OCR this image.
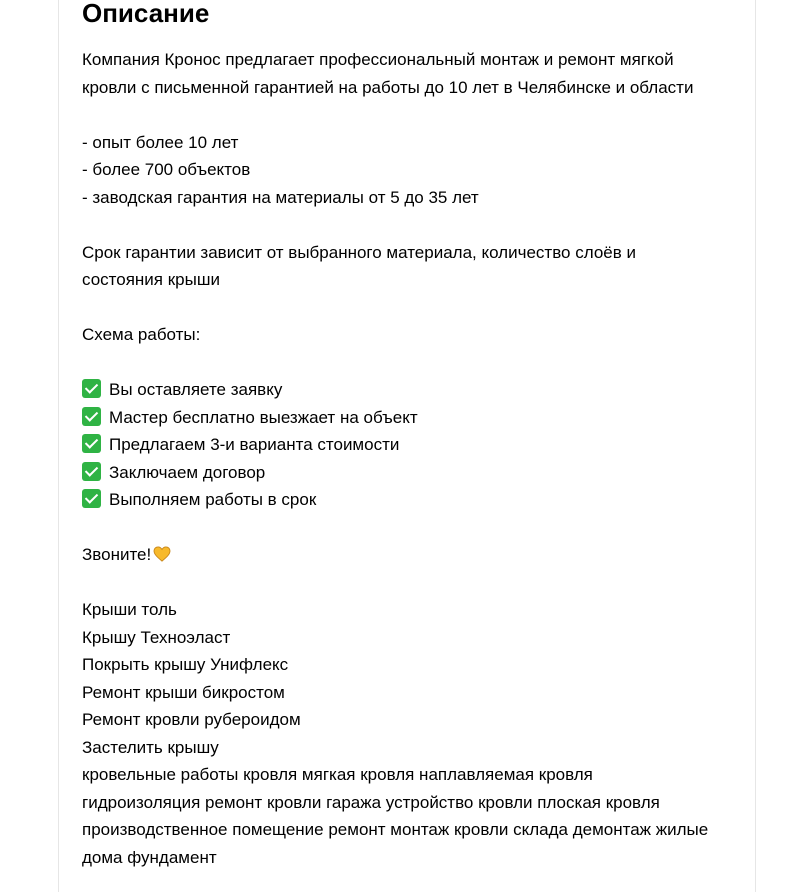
Описание
Компания Кронос предлагает профессиональный монтаж и ремонт мягкой
кровли с письменной гарантией на работы до 10 лет в Челябинске и области
- опыт более 10 лет
- более 700 объектов
- заводская гарантия на материалы от 5 до 35 лет
Срок гарантии зависит от выбранного материала, количество слоёв и
состояния крыши
Схема работы:
Вы оставляете заявку
Мастер бесплатно выезжает на объект
Предлагаем 3-и варианта стоимости
Заключаем договор
Выполняем работы в срок
Звоните!
Крыши толь
Крышу Техноэласт
Покрыть крышу Унифлекс
Ремонт крыши бикростом
Ремонт кровли рубероидом
Застелить крышу
кровельные работы кровля мягкая кровля наплавляемая кровля
гидроизоляция ремонт кровли гаража устройство кровли плоская кровля
производственное помещение ремонт монтаж кровли склада демонтаж жилые
дома фундамент
